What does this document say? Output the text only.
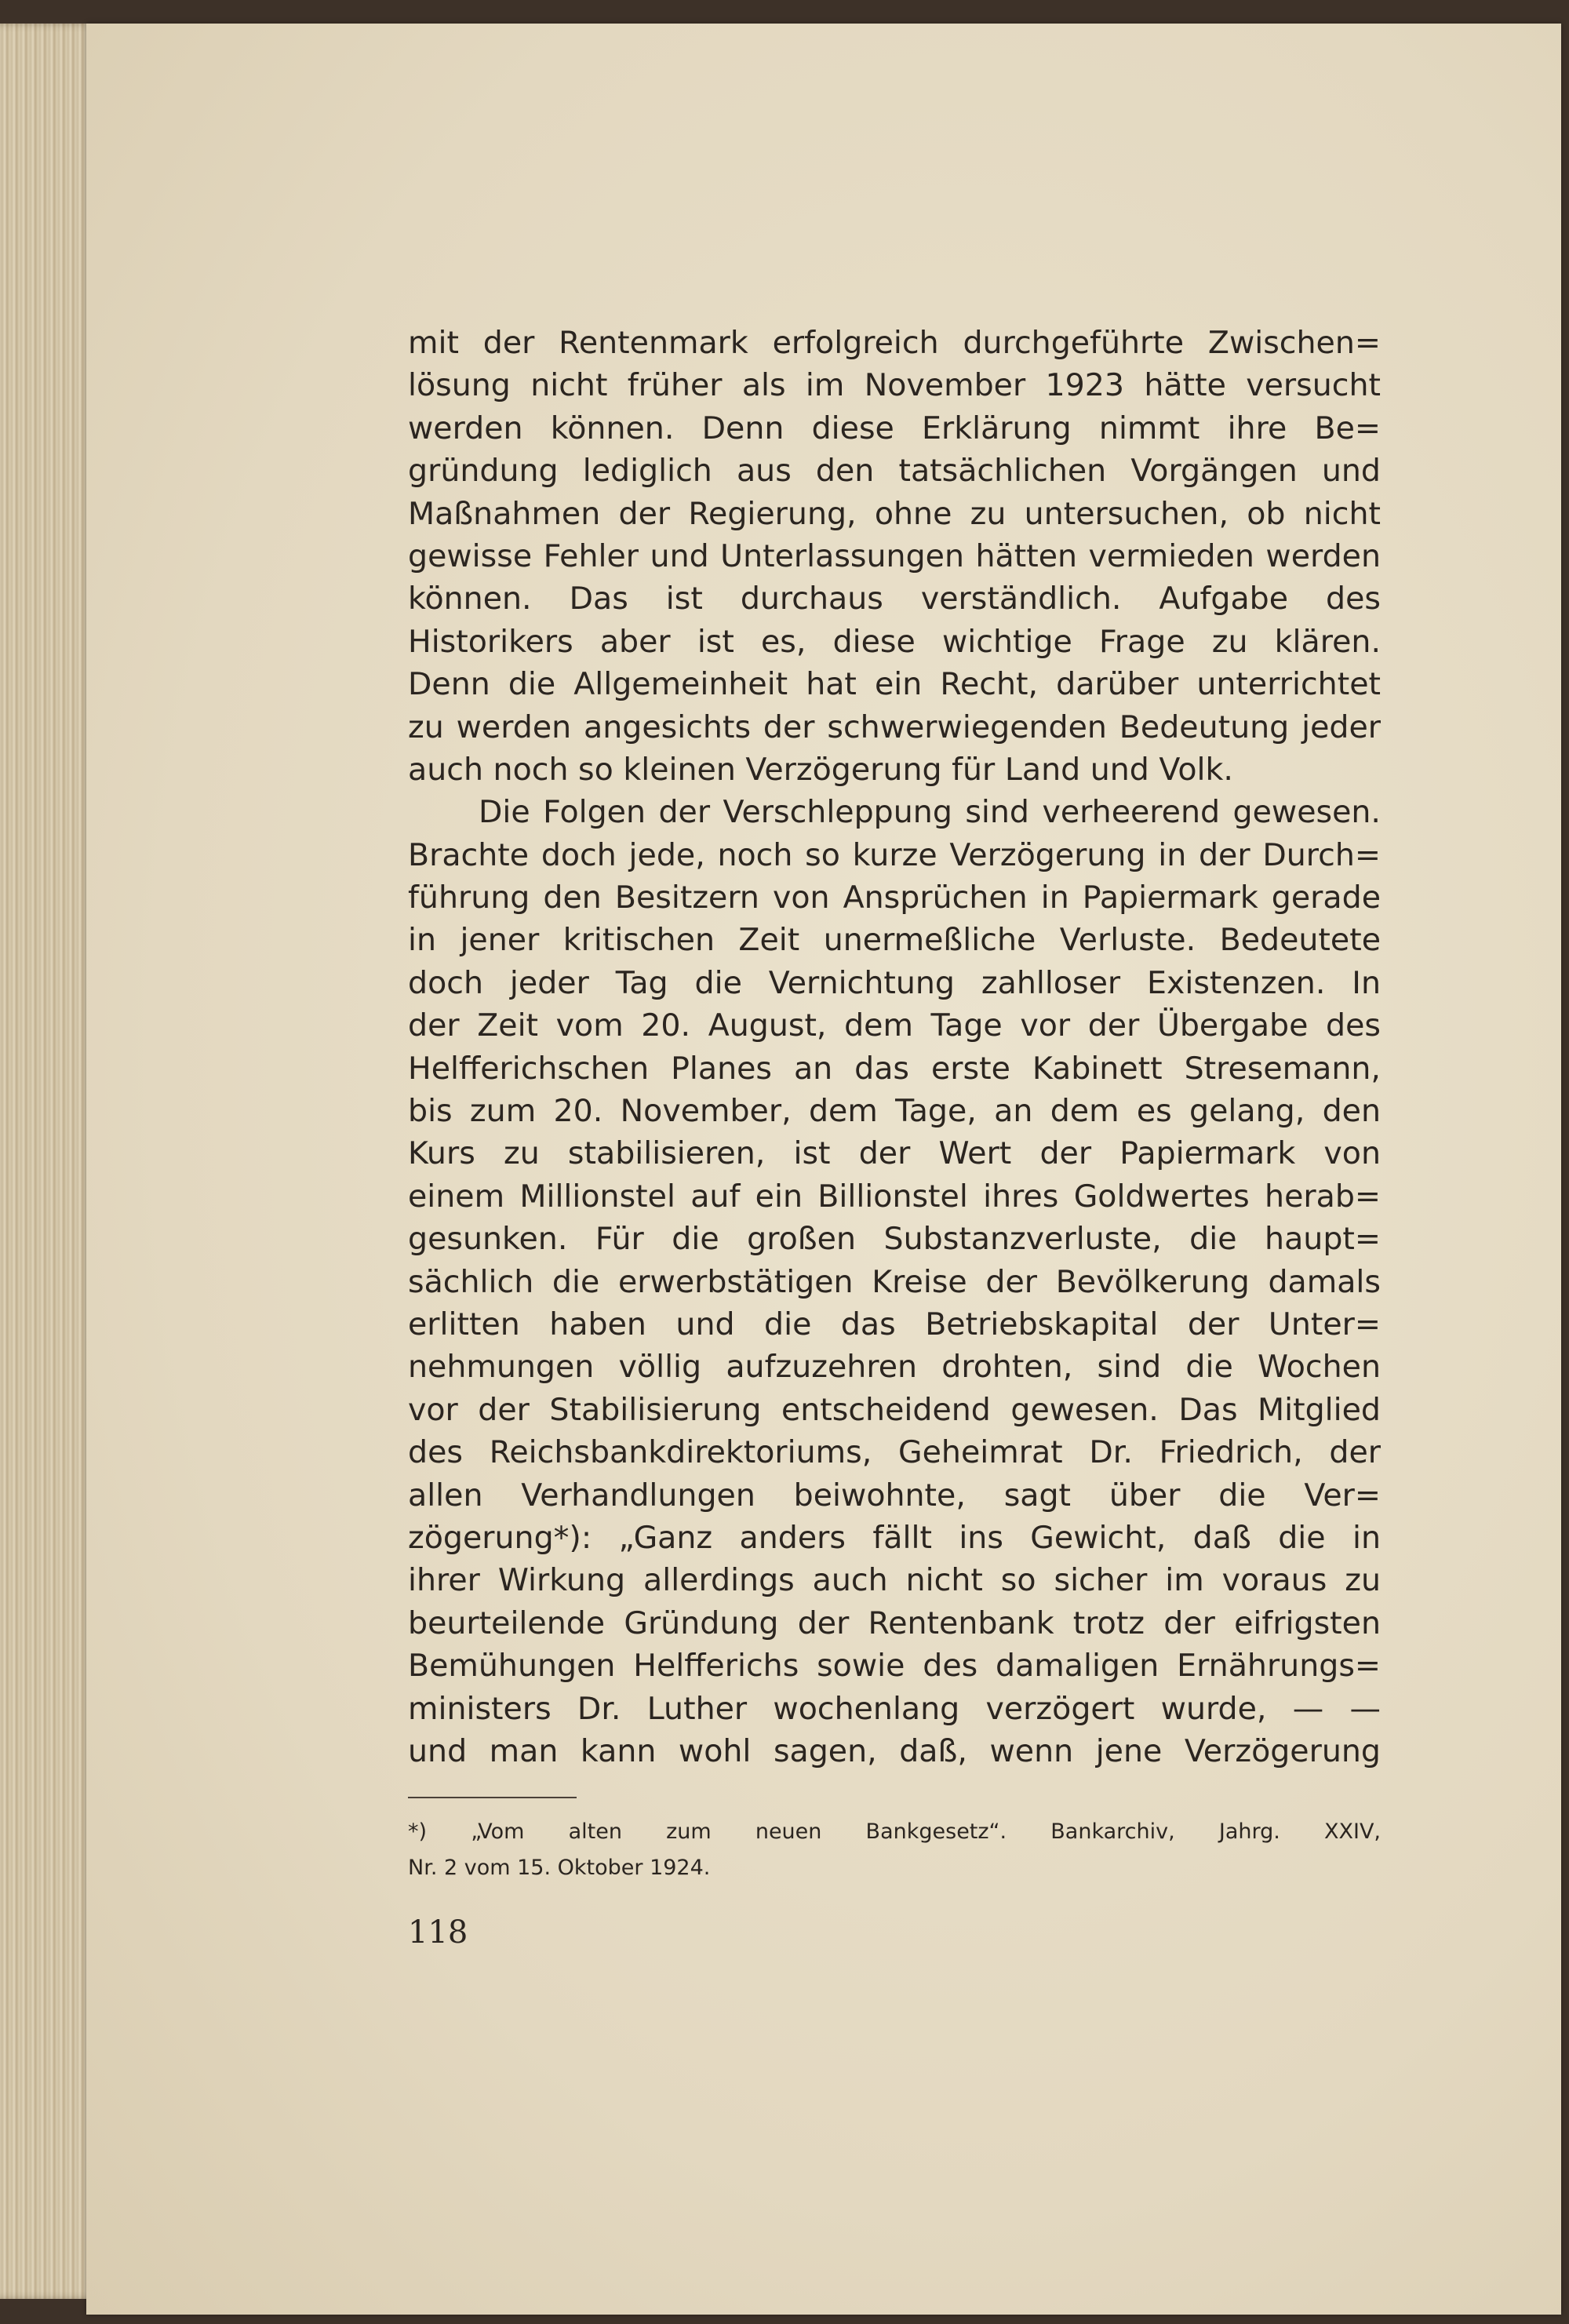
mit der Rentenmark erfolgreich durchgeführte Zwischen=
lösung nicht früher als im November 1923 hätte versucht
werden können. Denn diese Erklärung nimmt ihre Be=
gründung lediglich aus den tatsächlichen Vorgängen und
Maßnahmen der Regierung, ohne zu untersuchen, ob nicht
gewisse Fehler und Unterlassungen hätten vermieden werden
können. Das ist durchaus verständlich. Aufgabe des
Historikers aber ist es, diese wichtige Frage zu klären.
Denn die Allgemeinheit hat ein Recht, darüber unterrichtet
zu werden angesichts der schwerwiegenden Bedeutung jeder
auch noch so kleinen Verzögerung für Land und Volk.
Die Folgen der Verschleppung sind verheerend gewesen.
Brachte doch jede, noch so kurze Verzögerung in der Durch=
führung den Besitzern von Ansprüchen in Papiermark gerade
in jener kritischen Zeit unermeßliche Verluste. Bedeutete
doch jeder Tag die Vernichtung zahlloser Existenzen. In
der Zeit vom 20. August, dem Tage vor der Übergabe des
Helfferichschen Planes an das erste Kabinett Stresemann,
bis zum 20. November, dem Tage, an dem es gelang, den
Kurs zu stabilisieren, ist der Wert der Papiermark von
einem Millionstel auf ein Billionstel ihres Goldwertes herab=
gesunken. Für die großen Substanzverluste, die haupt=
sächlich die erwerbstätigen Kreise der Bevölkerung damals
erlitten haben und die das Betriebskapital der Unter=
nehmungen völlig aufzuzehren drohten, sind die Wochen
vor der Stabilisierung entscheidend gewesen. Das Mitglied
des Reichsbankdirektoriums, Geheimrat Dr. Friedrich, der
allen Verhandlungen beiwohnte, sagt über die Ver=
zögerung*): „Ganz anders fällt ins Gewicht, daß die in
ihrer Wirkung allerdings auch nicht so sicher im voraus zu
beurteilende Gründung der Rentenbank trotz der eifrigsten
Bemühungen Helfferichs sowie des damaligen Ernährungs=
ministers Dr. Luther wochenlang verzögert wurde, — —
und man kann wohl sagen, daß, wenn jene Verzögerung
*) „Vom alten zum neuen Bankgesetz“. Bankarchiv, Jahrg. XXIV,
Nr. 2 vom 15. Oktober 1924.
118
